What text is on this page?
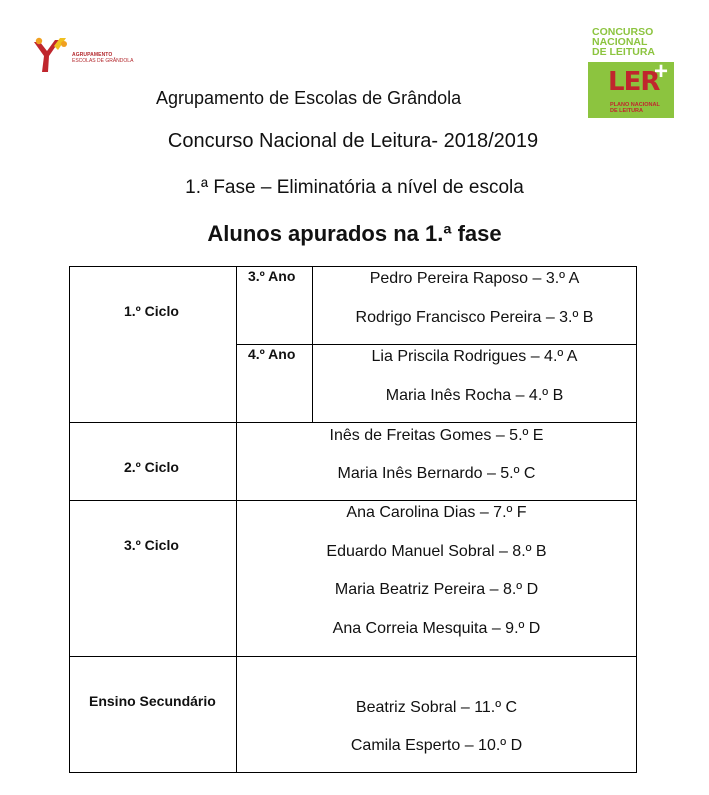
AGRUPAMENTO
ESCOLAS DE GRÂNDOLA
CONCURSO
NACIONAL
DE LEITURA
LER
+
PLANO NACIONAL
DE LEITURA
Agrupamento de Escolas de Grândola
Concurso Nacional de Leitura- 2018/2019
1.ª Fase – Eliminatória a nível de escola
Alunos apurados na 1.ª fase
1.º Ciclo
3.º Ano
4.º Ano
Pedro Pereira Raposo – 3.º A
Rodrigo Francisco Pereira – 3.º B
Lia Priscila Rodrigues – 4.º A
Maria Inês Rocha – 4.º B
2.º Ciclo
Inês de Freitas Gomes – 5.º E
Maria Inês Bernardo – 5.º C
3.º Ciclo
Ana Carolina Dias – 7.º F
Eduardo Manuel Sobral – 8.º B
Maria Beatriz Pereira – 8.º D
Ana Correia Mesquita – 9.º D
Ensino Secundário	Beatriz Sobral – 11.º C
Camila Esperto – 10.º D
